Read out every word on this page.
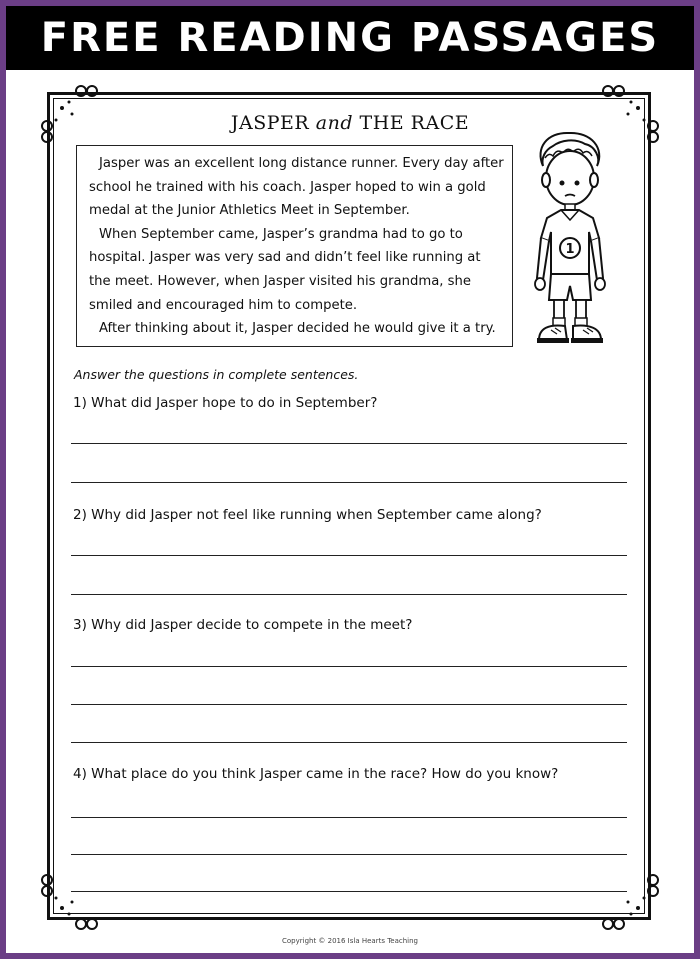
FREE READING PASSAGES
JASPER and THE RACE

Jasper was an excellent long distance runner. Every day after school he trained with his coach. Jasper hoped to win a gold medal at the Junior Athletics Meet in September.

When September came, Jasper’s grandma had to go to hospital. Jasper was very sad and didn’t feel like running at the meet. However, when Jasper visited his grandma, she smiled and encouraged him to compete.

After thinking about it, Jasper decided he would give it a try.

1
Answer the questions in complete sentences.
1) What did Jasper hope to do in September?
2) Why did Jasper not feel like running when September came along?
3) Why did Jasper decide to compete in the meet?
4) What place do you think Jasper came in the race? How do you know?
Copyright © 2016 Isla Hearts Teaching
